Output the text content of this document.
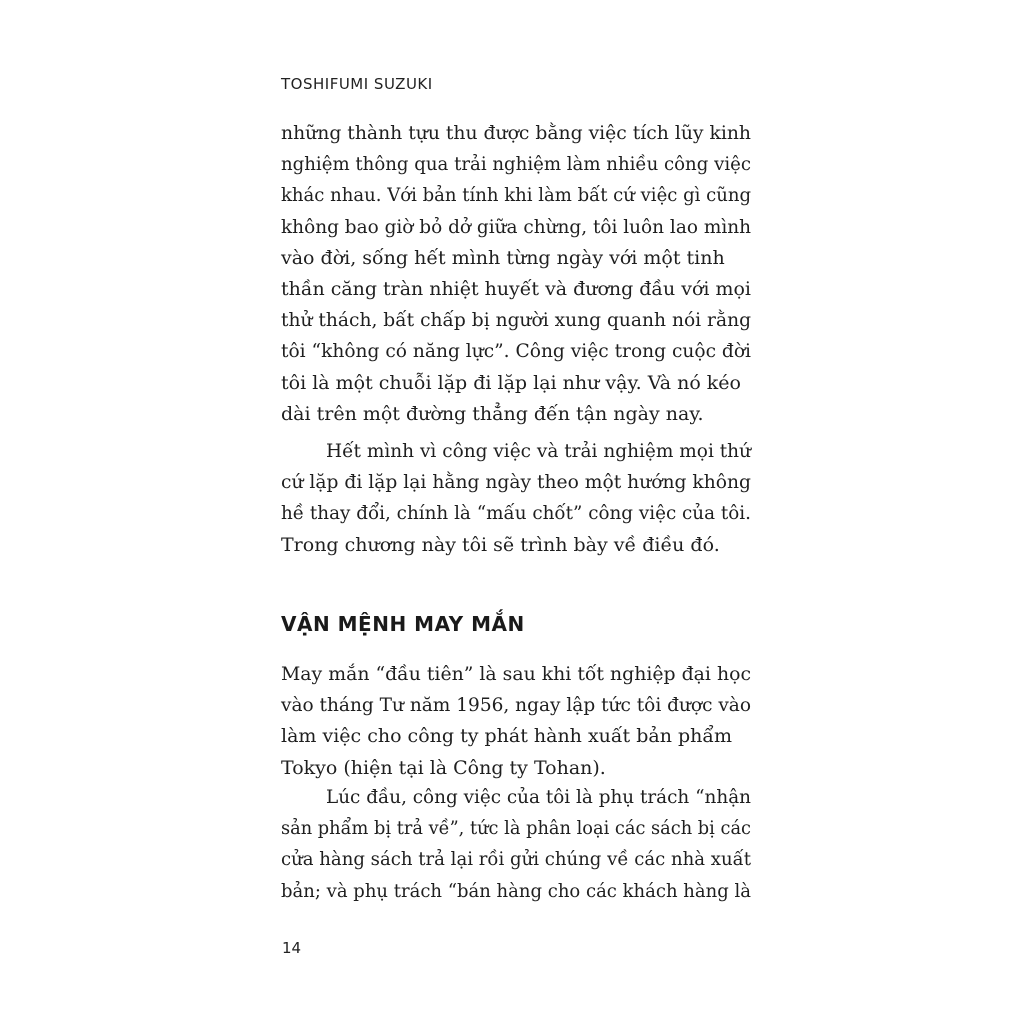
TOSHIFUMI SUZUKI
những thành tựu thu được bằng việc tích lũy kinh
nghiệm thông qua trải nghiệm làm nhiều công việc
khác nhau. Với bản tính khi làm bất cứ việc gì cũng
không bao giờ bỏ dở giữa chừng, tôi luôn lao mình
vào đời, sống hết mình từng ngày với một tinh
thần căng tràn nhiệt huyết và đương đầu với mọi
thử thách, bất chấp bị người xung quanh nói rằng
tôi “không có năng lực”. Công việc trong cuộc đời
tôi là một chuỗi lặp đi lặp lại như vậy. Và nó kéo
dài trên một đường thẳng đến tận ngày nay.
Hết mình vì công việc và trải nghiệm mọi thứ
cứ lặp đi lặp lại hằng ngày theo một hướng không
hề thay đổi, chính là “mấu chốt” công việc của tôi.
Trong chương này tôi sẽ trình bày về điều đó.
VẬN MỆNH MAY MẮN
May mắn “đầu tiên” là sau khi tốt nghiệp đại học
vào tháng Tư năm 1956, ngay lập tức tôi được vào
làm việc cho công ty phát hành xuất bản phẩm
Tokyo (hiện tại là Công ty Tohan).
Lúc đầu, công việc của tôi là phụ trách “nhận
sản phẩm bị trả về”, tức là phân loại các sách bị các
cửa hàng sách trả lại rồi gửi chúng về các nhà xuất
bản; và phụ trách “bán hàng cho các khách hàng là
14
